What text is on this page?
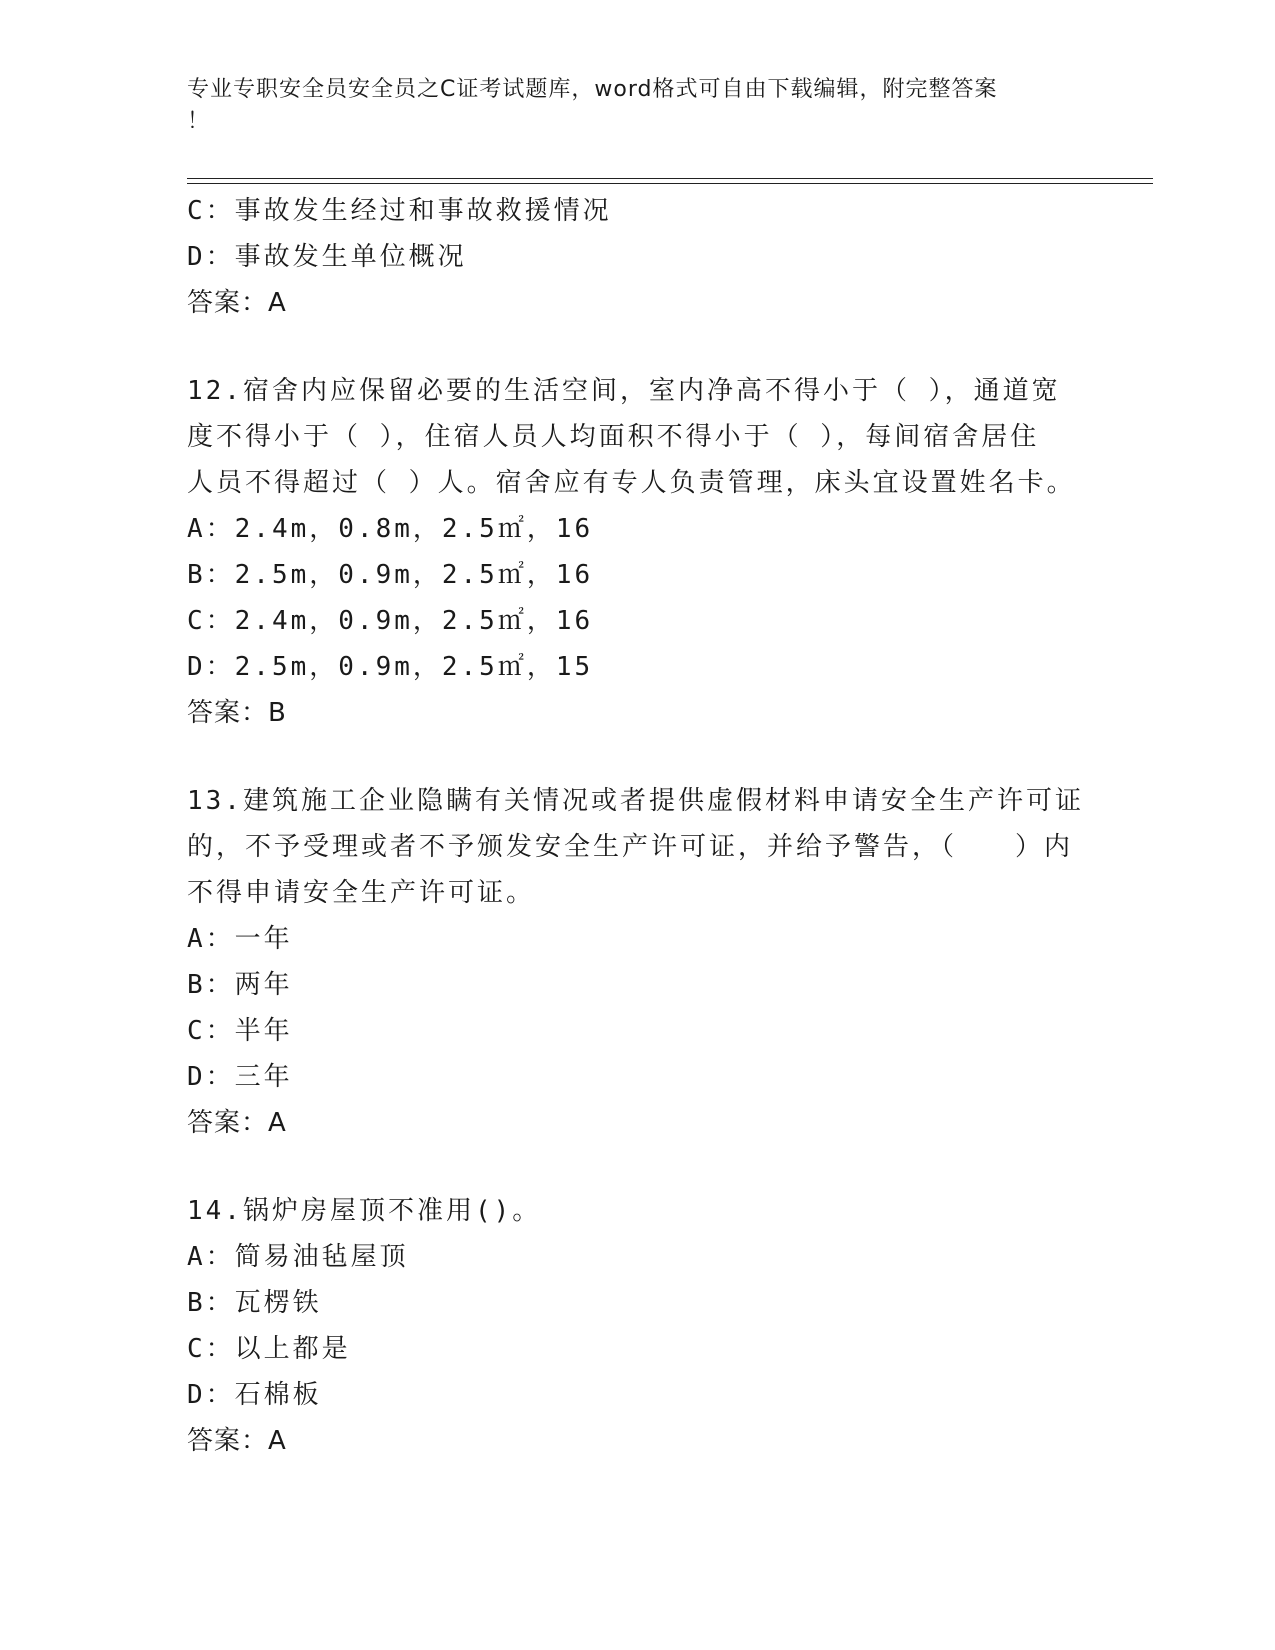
专业专职安全员安全员之C证考试题库，word格式可自由下载编辑，附完整答案
！
C：事故发生经过和事故救援情况
D：事故发生单位概况
答案：A
12.宿舍内应保留必要的生活空间，室内净高不得小于（ ），通道宽
度不得小于（ ），住宿人员人均面积不得小于（ ），每间宿舍居住
人员不得超过（ ）人。宿舍应有专人负责管理，床头宜设置姓名卡。
A：2.4m，0.8m，2.5㎡，16
B：2.5m，0.9m，2.5㎡，16
C：2.4m，0.9m，2.5㎡，16
D：2.5m，0.9m，2.5㎡，15
答案：B
13.建筑施工企业隐瞒有关情况或者提供虚假材料申请安全生产许可证
的，不予受理或者不予颁发安全生产许可证，并给予警告，（　　）内
不得申请安全生产许可证。
A：一年
B：两年
C：半年
D：三年
答案：A
14.锅炉房屋顶不准用()。
A：简易油毡屋顶
B：瓦楞铁
C：以上都是
D：石棉板
答案：A
